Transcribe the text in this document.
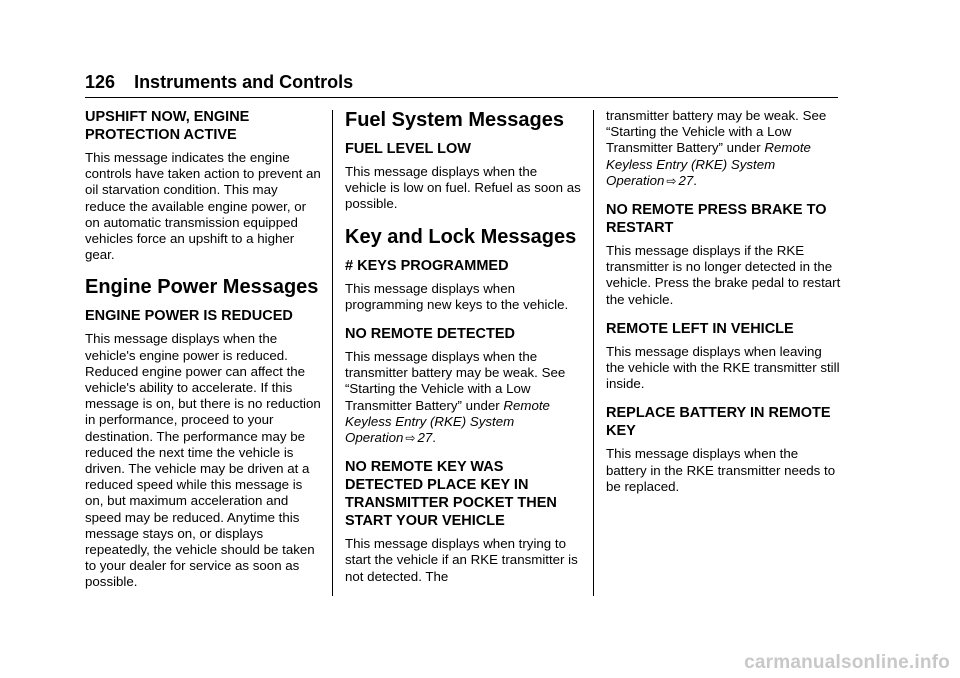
126 Instruments and Controls
UPSHIFT NOW, ENGINE PROTECTION ACTIVE

This message indicates the engine controls have taken action to prevent an oil starvation condition. This may reduce the available engine power, or on automatic transmission equipped vehicles force an upshift to a higher gear.

Engine Power Messages
ENGINE POWER IS REDUCED

This message displays when the vehicle's engine power is reduced. Reduced engine power can affect the vehicle's ability to accelerate. If this message is on, but there is no reduction in performance, proceed to your destination. The performance may be reduced the next time the vehicle is driven. The vehicle may be driven at a reduced speed while this message is on, but maximum acceleration and speed may be reduced. Anytime this message stays on, or displays repeatedly, the vehicle should be taken to your dealer for service as soon as possible.

Fuel System Messages
FUEL LEVEL LOW

This message displays when the vehicle is low on fuel. Refuel as soon as possible.

Key and Lock Messages
# KEYS PROGRAMMED

This message displays when programming new keys to the vehicle.

NO REMOTE DETECTED

This message displays when the transmitter battery may be weak. See “Starting the Vehicle with a Low Transmitter Battery” under Remote Keyless Entry (RKE) System Operation ⇨ 27.

NO REMOTE KEY WAS DETECTED PLACE KEY IN TRANSMITTER POCKET THEN START YOUR VEHICLE

This message displays when trying to start the vehicle if an RKE transmitter is not detected. The

transmitter battery may be weak. See “Starting the Vehicle with a Low Transmitter Battery” under Remote Keyless Entry (RKE) System Operation ⇨ 27.

NO REMOTE PRESS BRAKE TO RESTART

This message displays if the RKE transmitter is no longer detected in the vehicle. Press the brake pedal to restart the vehicle.

REMOTE LEFT IN VEHICLE

This message displays when leaving the vehicle with the RKE transmitter still inside.

REPLACE BATTERY IN REMOTE KEY

This message displays when the battery in the RKE transmitter needs to be replaced.

carmanualsonline.info
